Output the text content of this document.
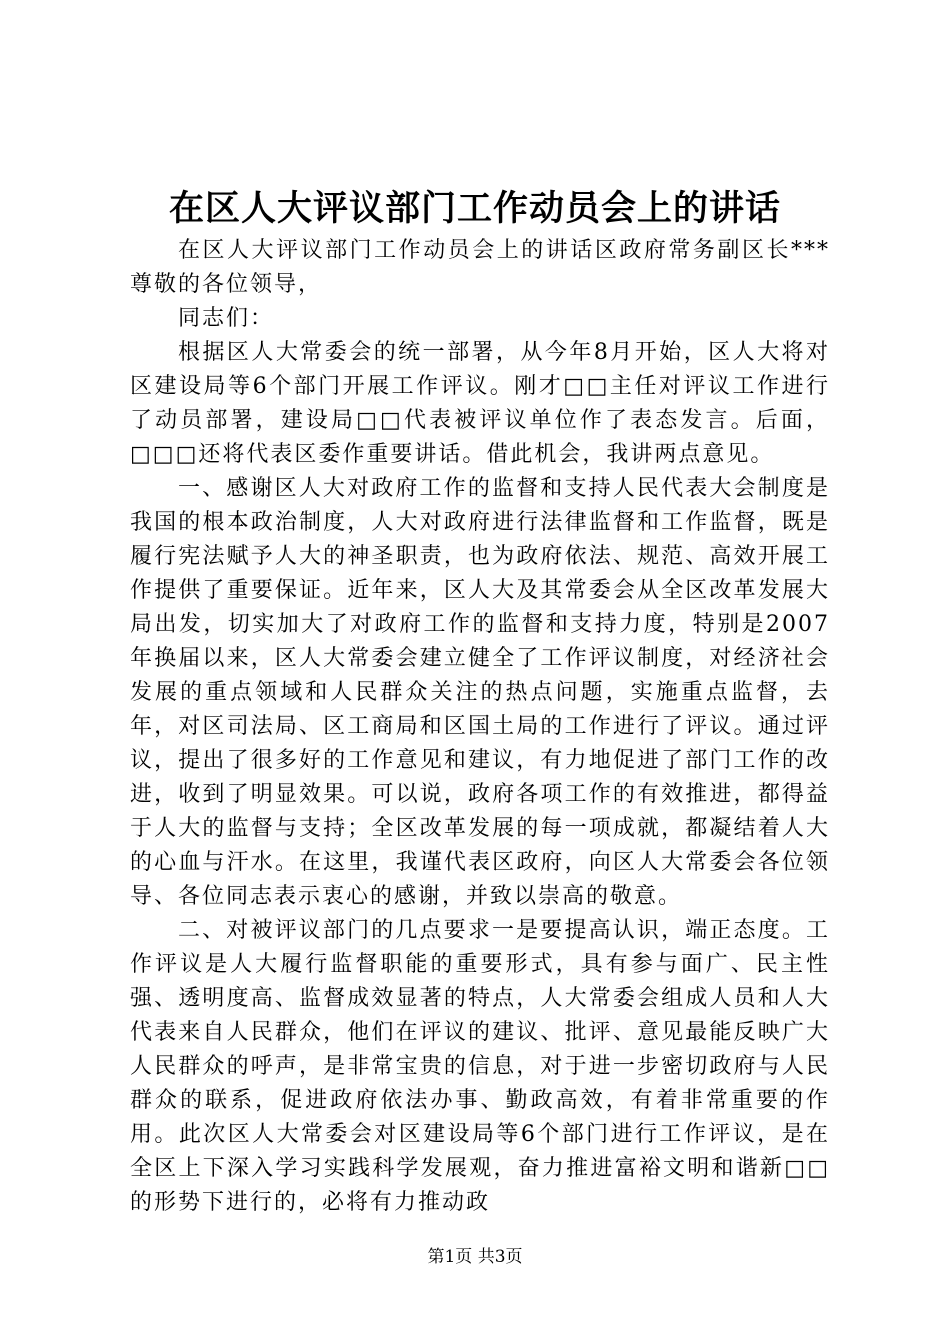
在区人大评议部门工作动员会上的讲话

在区人大评议部门工作动员会上的讲话区政府常务副区长***尊敬的各位领导，

同志们：

根据区人大常委会的统一部署，从今年8月开始，区人大将对区建设局等6个部门开展工作评议。刚才□□主任对评议工作进行了动员部署，建设局□□代表被评议单位作了表态发言。后面，□□□还将代表区委作重要讲话。借此机会，我讲两点意见。

一、感谢区人大对政府工作的监督和支持人民代表大会制度是我国的根本政治制度，人大对政府进行法律监督和工作监督，既是履行宪法赋予人大的神圣职责，也为政府依法、规范、高效开展工作提供了重要保证。近年来，区人大及其常委会从全区改革发展大局出发，切实加大了对政府工作的监督和支持力度，特别是2007年换届以来，区人大常委会建立健全了工作评议制度，对经济社会发展的重点领域和人民群众关注的热点问题，实施重点监督，去年，对区司法局、区工商局和区国土局的工作进行了评议。通过评议，提出了很多好的工作意见和建议，有力地促进了部门工作的改进，收到了明显效果。可以说，政府各项工作的有效推进，都得益于人大的监督与支持；全区改革发展的每一项成就，都凝结着人大的心血与汗水。在这里，我谨代表区政府，向区人大常委会各位领导、各位同志表示衷心的感谢，并致以崇高的敬意。

二、对被评议部门的几点要求一是要提高认识，端正态度。工作评议是人大履行监督职能的重要形式，具有参与面广、民主性强、透明度高、监督成效显著的特点，人大常委会组成人员和人大代表来自人民群众，他们在评议的建议、批评、意见最能反映广大人民群众的呼声，是非常宝贵的信息，对于进一步密切政府与人民群众的联系，促进政府依法办事、勤政高效，有着非常重要的作用。此次区人大常委会对区建设局等6个部门进行工作评议，是在全区上下深入学习实践科学发展观，奋力推进富裕文明和谐新□□的形势下进行的，必将有力推动政

第1页 共3页
